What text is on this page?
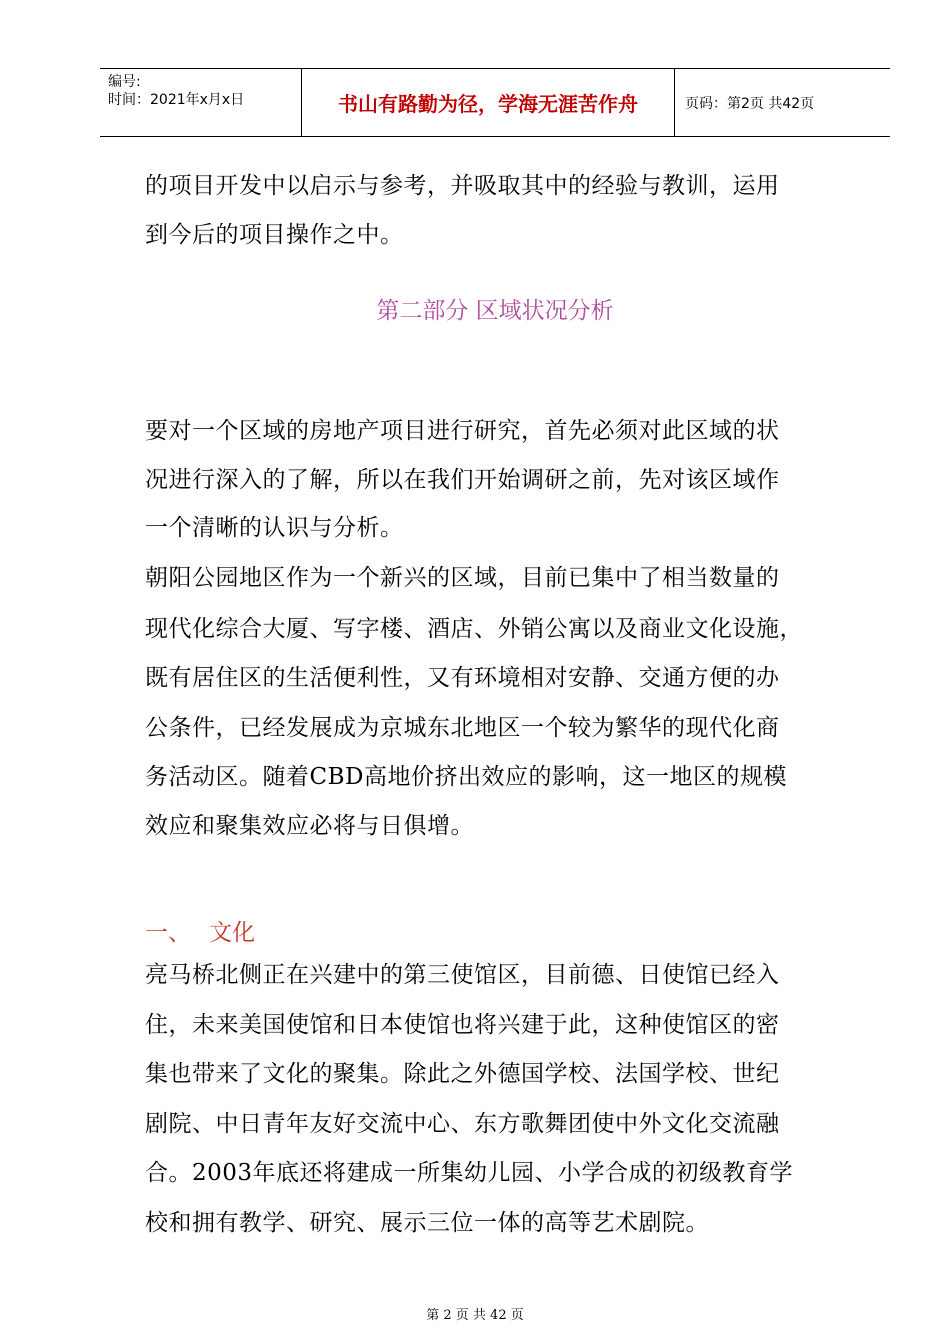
编号:
时间：2021年x月x日	书山有路勤为径，学海无涯苦作舟	页码：第2页 共42页
的项目开发中以启示与参考，并吸取其中的经验与教训，运用
到今后的项目操作之中。
第二部分 区域状况分析
要对一个区域的房地产项目进行研究，首先必须对此区域的状
况进行深入的了解，所以在我们开始调研之前，先对该区域作
一个清晰的认识与分析。
朝阳公园地区作为一个新兴的区域，目前已集中了相当数量的
现代化综合大厦、写字楼、酒店、外销公寓以及商业文化设施，
既有居住区的生活便利性，又有环境相对安静、交通方便的办
公条件，已经发展成为京城东北地区一个较为繁华的现代化商
务活动区。随着CBD高地价挤出效应的影响，这一地区的规模
效应和聚集效应必将与日俱增。
一、 文化
亮马桥北侧正在兴建中的第三使馆区，目前德、日使馆已经入
住，未来美国使馆和日本使馆也将兴建于此，这种使馆区的密
集也带来了文化的聚集。除此之外德国学校、法国学校、世纪
剧院、中日青年友好交流中心、东方歌舞团使中外文化交流融
合。2003年底还将建成一所集幼儿园、小学合成的初级教育学
校和拥有教学、研究、展示三位一体的高等艺术剧院。
第 2 页 共 42 页
